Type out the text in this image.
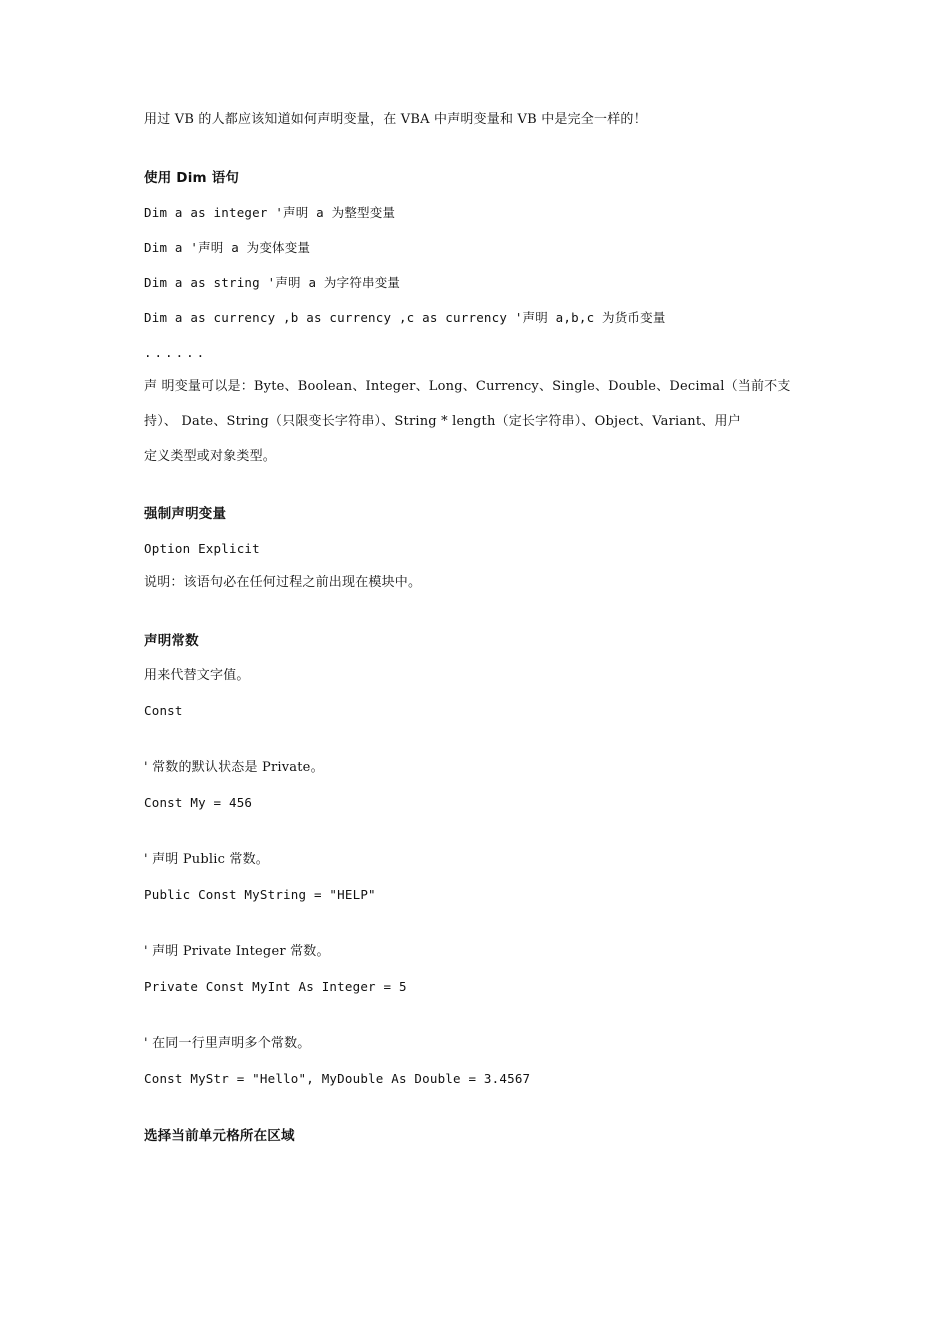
用过 VB 的人都应该知道如何声明变量，在 VBA 中声明变量和 VB 中是完全一样的！
使用 Dim 语句
Dim a as integer '声明 a 为整型变量
Dim a '声明 a 为变体变量
Dim a as string '声明 a 为字符串变量
Dim a as currency ,b as currency ,c as currency '声明 a,b,c 为货币变量
......
声 明变量可以是：Byte、Boolean、Integer、Long、Currency、Single、Double、Decimal（当前不支
持）、 Date、String（只限变长字符串）、String * length（定长字符串）、Object、Variant、用户
定义类型或对象类型。
强制声明变量
Option Explicit
说明：该语句必在任何过程之前出现在模块中。
声明常数
用来代替文字值。
Const
' 常数的默认状态是 Private。
Const My = 456
' 声明 Public 常数。
Public Const MyString = "HELP"
' 声明 Private Integer 常数。
Private Const MyInt As Integer = 5
' 在同一行里声明多个常数。
Const MyStr = "Hello", MyDouble As Double = 3.4567
选择当前单元格所在区域
